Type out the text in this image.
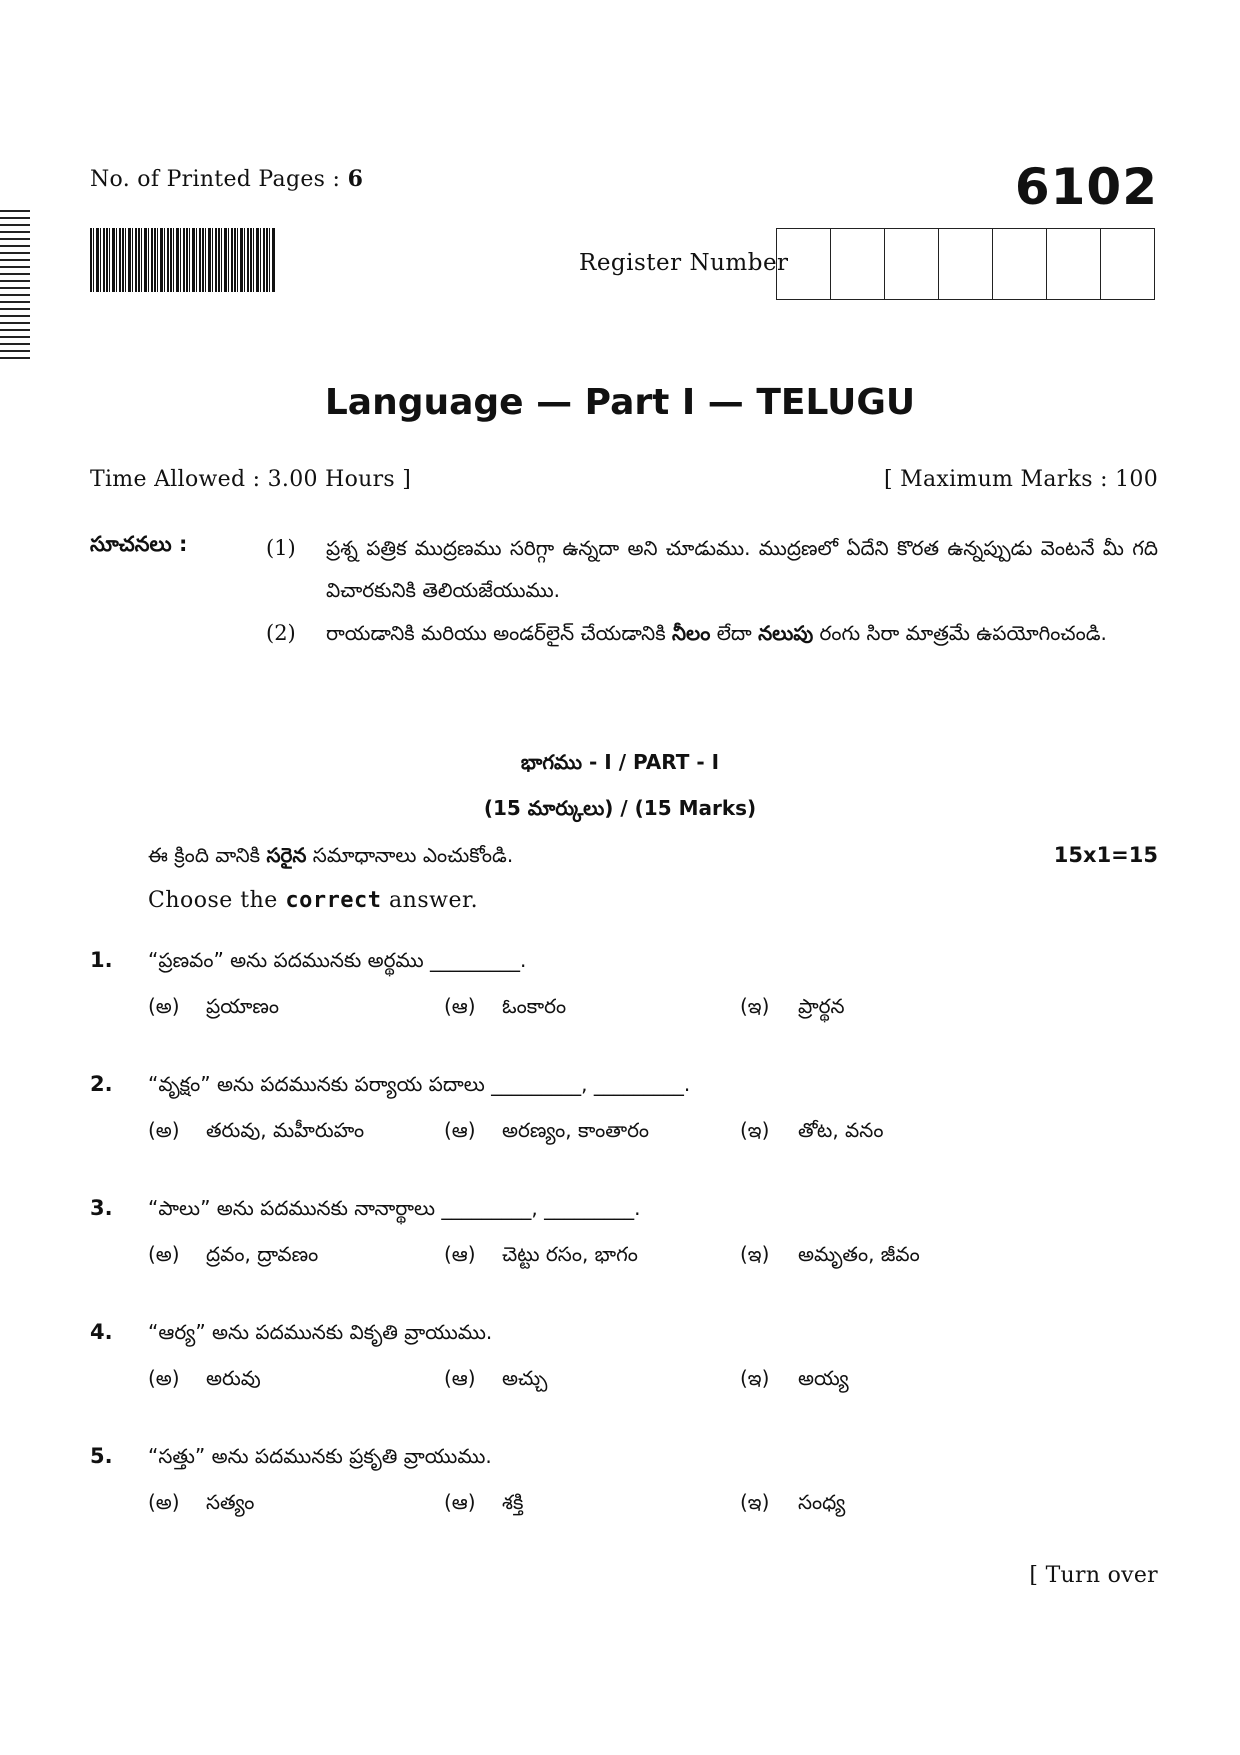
No. of Printed Pages : 6	6102
Register Number
Language — Part I — TELUGU
Time Allowed : 3.00 Hours ]	[ Maximum Marks : 100
సూచనలు :	(1) ప్రశ్న పత్రిక ముద్రణము సరిగ్గా ఉన్నదా అని చూడుము. ముద్రణలో ఏదేని కొరత ఉన్నప్పుడు వెంటనే మీ గది విచారకునికి తెలియజేయుము.
(2) రాయడానికి మరియు అండర్‌లైన్ చేయడానికి నీలం లేదా నలుపు రంగు సిరా మాత్రమే ఉపయోగించండి.
భాగము - I / PART - I
(15 మార్కులు) / (15 Marks)
ఈ క్రింది వానికి సరైన సమాధానాలు ఎంచుకోండి.	15x1=15
Choose the correct answer.
1. “ప్రణవం” అను పదమునకు అర్థము _________.
(అ) ప్రయాణం	(ఆ) ఓంకారం	(ఇ) ప్రార్థన
2. “వృక్షం” అను పదమునకు పర్యాయ పదాలు _________, _________.
(అ) తరువు, మహీరుహం	(ఆ) అరణ్యం, కాంతారం	(ఇ) తోట, వనం
3. “పాలు” అను పదమునకు నానార్థాలు _________, _________.
(అ) ద్రవం, ద్రావణం	(ఆ) చెట్టు రసం, భాగం	(ఇ) అమృతం, జీవం
4. “ఆర్య” అను పదమునకు వికృతి వ్రాయుము.
(అ) అరువు	(ఆ) అచ్చు	(ఇ) అయ్య
5. “సత్తు” అను పదమునకు ప్రకృతి వ్రాయుము.
(అ) సత్యం	(ఆ) శక్తి	(ఇ) సంధ్య
[ Turn over
